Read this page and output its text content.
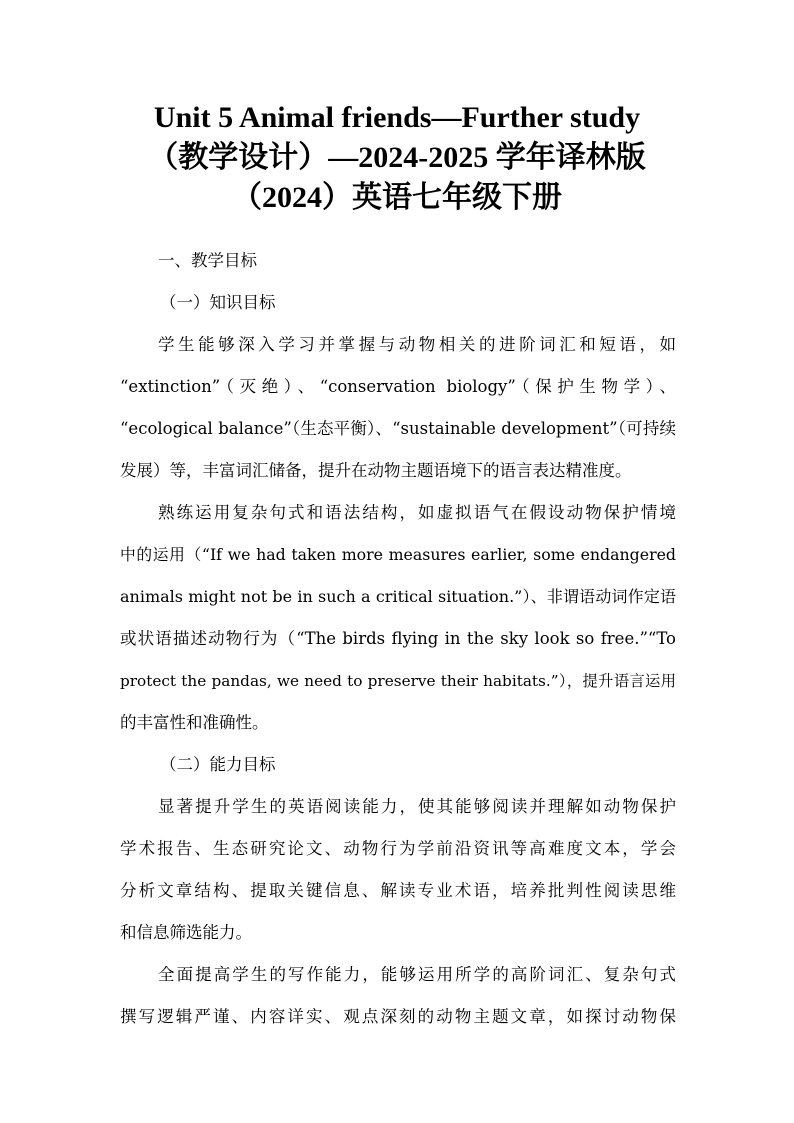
Unit 5 Animal friends—Further study
（教学设计）—2024-2025 学年译林版
（2024）英语七年级下册

一、教学目标

（一）知识目标

学生能够深入学习并掌握与动物相关的进阶词汇和短语，如
“extinction”（灭绝）、“conservation biology”（保护生物学）、
“ecological balance”（生态平衡）、“sustainable development”（可持续
发展）等，丰富词汇储备，提升在动物主题语境下的语言表达精准度。

熟练运用复杂句式和语法结构，如虚拟语气在假设动物保护情境
中的运用（“If we had taken more measures earlier, some endangered
animals might not be in such a critical situation.”）、非谓语动词作定语
或状语描述动物行为（“The birds flying in the sky look so free.”“To
protect the pandas, we need to preserve their habitats.”），提升语言运用
的丰富性和准确性。

（二）能力目标

显著提升学生的英语阅读能力，使其能够阅读并理解如动物保护
学术报告、生态研究论文、动物行为学前沿资讯等高难度文本，学会
分析文章结构、提取关键信息、解读专业术语，培养批判性阅读思维
和信息筛选能力。

全面提高学生的写作能力，能够运用所学的高阶词汇、复杂句式
撰写逻辑严谨、内容详实、观点深刻的动物主题文章，如探讨动物保
